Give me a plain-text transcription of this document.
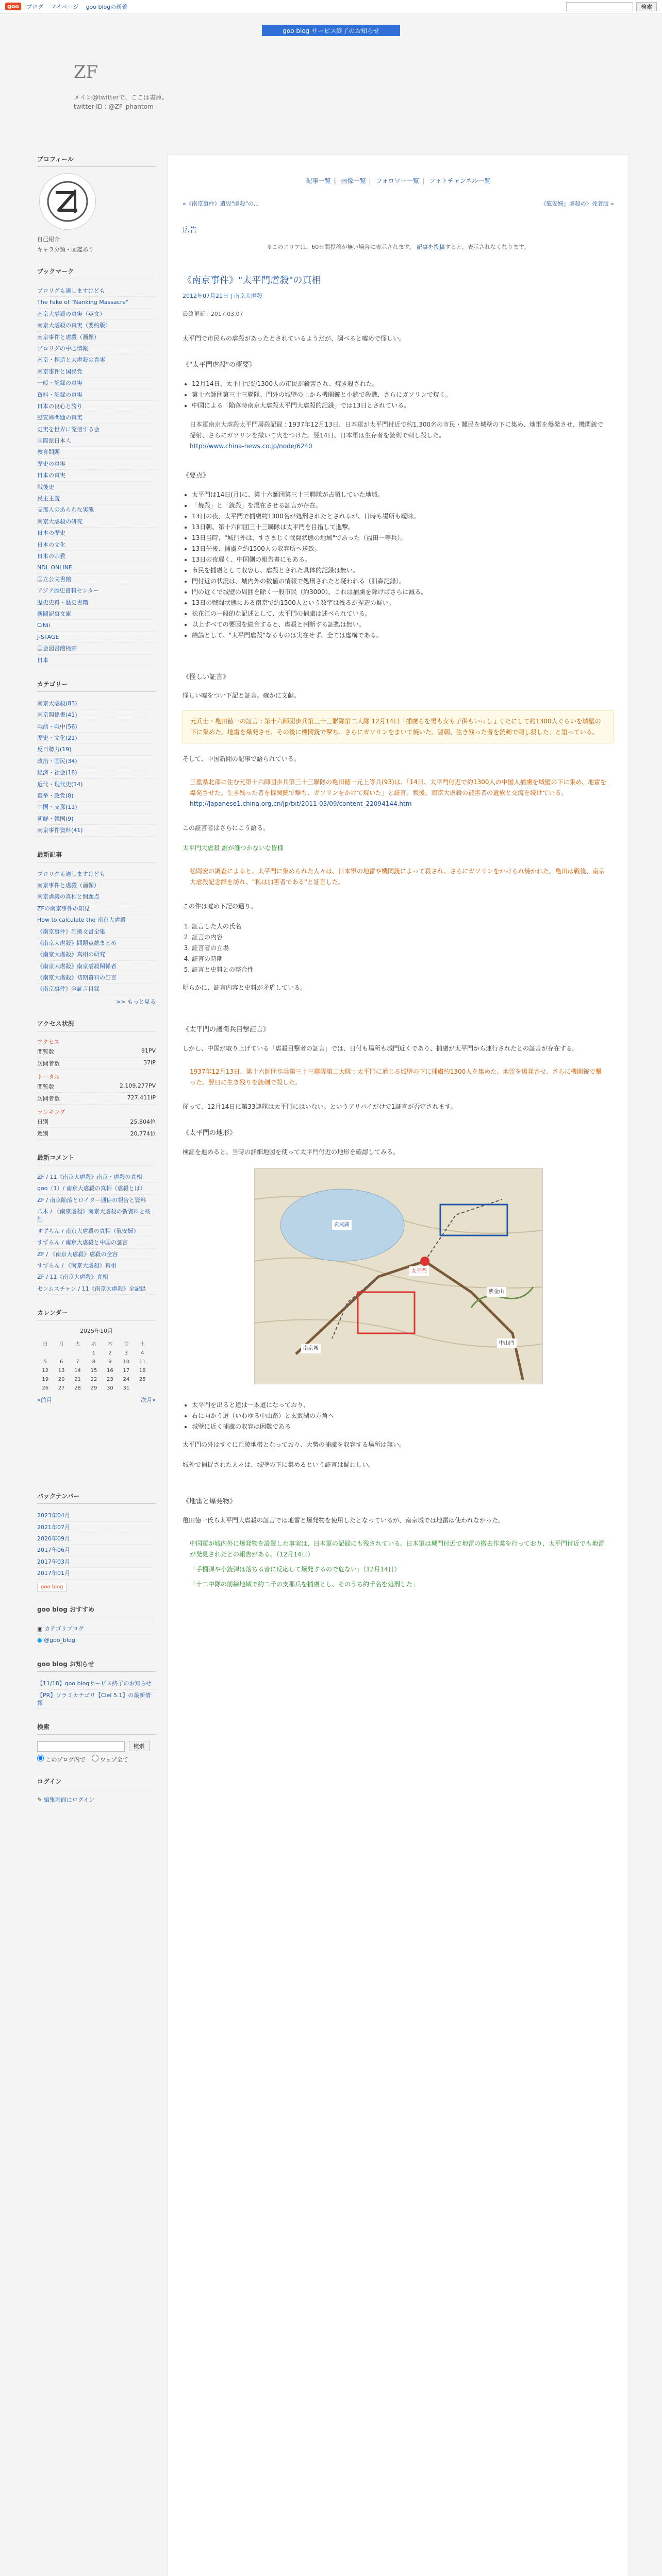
goo	ブログ マイページ goo blogの新着	検索
goo blog サービス終了のお知らせ
ZF
メイン@twitterで、ここは書庫。
twitter-ID : @ZF_phantom
プロフィール
自己紹介
キャラ分類・図鑑あり
ブックマーク
ブロリグも適しますけども
The Fake of "Nanking Massacre"
南京大虐殺の真実（英文）
南京大虐殺の真実（要約版）
南京事件と虐殺（画像）
ブロリグの中心情報
南京・捏造と大虐殺の真実
南京事件と国民党
一般・記録の真実
資料・記録の真実
日本の良心と誇り
慰安婦問題の真実
史実を世界に発信する会
国際派日本人
教育問題
歴史の真実
日本の真実
戦後史
民主主義
支那人のあらわな実態
南京大虐殺の研究
日本の歴史
日本の文化
日本の宗教
NDL ONLINE
国立公文書館
アジア歴史資料センター
歴史史料・歴史書籍
新聞記事文庫
CiNii
J-STAGE
国会図書館検索
日本
カテゴリー
南京大虐殺(83)
南京関係書(41)
戦前・戦中(56)
歴史・文化(21)
反日勢力(19)
政治・国民(34)
経済・社会(18)
近代・現代史(14)
選挙・政党(8)
中国・支那(11)
朝鮮・韓国(9)
南京事件資料(41)
最新記事
ブロリグも適しますけども
南京事件と虐殺（画像）
南京虐殺の真相と問題点
ZFの南京事件の知見
How to calculate the 南京大虐殺
《南京事件》証拠文書全集
《南京大虐殺》問題点総まとめ
《南京大虐殺》真相の研究
《南京大虐殺》南京虐殺関係者
《南京大虐殺》初期資料の証言
《南京事件》全証言目録
>> もっと見る
アクセス状況
アクセス
閲覧数	91PV
訪問者数	37IP
トータル
閲覧数	2,109,277PV
訪問者数	727,411IP
ランキング
日別	25,804位
週別	20,774位
最新コメント
ZF / 11《南京大虐殺》南京・虐殺の真相
goo（1）/ 南京大虐殺の真相（虐殺とは）
ZF / 南京陥落とロイター通信の報告と資料
八木 / 《南京虐殺》南京大虐殺の新資料と検証
すずらん / 南京大虐殺の真相（慰安婦）
すずらん / 南京大虐殺と中国の証言
ZF / 《南京大虐殺》虐殺の全容
すずらん / 《南京大虐殺》真相
ZF / 11《南京大虐殺》真相
センムスチャン / 11《南京大虐殺》全記録
カレンダー
2025年10月
日	月	火	水	木	金	土
			1	2	3	4
5	6	7	8	9	10	11
12	13	14	15	16	17	18
19	20	21	22	23	24	25
26	27	28	29	30	31	
«前月	次月»
バックナンバー
2023年04月
2021年07月
2020年09月
2017年06月
2017年03月
2017年01月
goo blog
goo blog おすすめ
▣ カテゴリブログ
● @goo_blog
goo blog お知らせ
【11/18】goo blogサービス終了のお知らせ
【PR】ソラミカテゴリ【Ciel 5.1】の最新情報
検索
検索
このブログ内で	ウェブ全て
ログイン
✎ 編集画面にログイン
記事一覧 | 画像一覧 | フォロワー一覧 | フォトチャンネル一覧
«《南京事件》遺児"虐殺"の...	《慰安婦』虐殺の〉死者版 »
広告
※このエリアは、60日間投稿が無い場合に表示されます。 記事を投稿すると、表示されなくなります。
《南京事件》"太平門虐殺"の真相
2012年07月21日 | 南京大虐殺
最終更新 : 2017.03.07
太平門で市民らの虐殺があったとされているようだが、調べると嘘めで怪しい。
《"太平門虐殺"の概要》
• 12月14日、太平門で約1300人の市民が殺害され、焼き殺された。
• 第十六師団第三十三聯隊、門外の城壁の上から機関銃と小銃で殺戮、さらにガソリンで焼く。
• 中国による「陥落時南京大虐殺太平門大虐殺的記録」では13日とされている。
日本軍南京大虐殺太平門屠殺記録 : 1937年12月13日、日本軍が太平門付近で約1,300名の市民・難民を城壁の下に集め、地雷を爆発させ、機関銃で掃射、さらにガソリンを撒いて火をつけた。翌14日、日本軍は生存者を銃剣で刺し殺した。
http://www.china-news.co.jp/node/6240
《要点》
• 太平門は14日(月)に、第十六師団第三十三聯隊が占領していた地域。
• 「焼殺」と「銃殺」を混在させる証言が存在。
• 13日の夜、太平門で捕虜約1300名が処刑されたとされるが、日時も場所も曖昧。
• 13日朝、第十六師団三十三聯隊は太平門を目指して進撃。
• 13日当時、"城門外は、すさまじく戦闘状態の地域"であった（福田一等兵）。
• 13日午後、捕虜を約1500人の収容所へ送致。
• 13日の夜遅く、中国側の報告書にもある。
• 市民を捕虜として収容し、虐殺とされた具体的記録は無い。
• 門付近の状況は、城内外の数値の情報で処刑されたと疑われる（旧森記録）。
• 門の近くで城壁の周囲を除く一般市民（約3000）、これは捕虜を除けばさらに減る。
• 13日の戦闘状態にある南京で約1500人という数字は残るが捏造の疑い。
• 松花江の一般的な記述として、太平門の捕虜は述べられている。
• 以上すべての要因を総合すると、虐殺と判断する証拠は無い。
• 結論として、"太平門虐殺"なるものは実在せず、全ては虚構である。
《怪しい証言》
怪しい嘘をつい下記と証言。確かに文献。
元兵士・亀田徳一の証言 : 第十六師団歩兵第三十三聯隊第二大隊 12月14日「捕虜らを男も女も子供もいっしょくたにして約1300人ぐらいを城壁の下に集めた。地雷を爆発させ、その後に機関銃で撃ち、さらにガソリンをまいて焼いた。翌朝、生き残った者を銃剣で刺し殺した」と語っている。
そして、中国新聞の記事で語られている。
三重県北部に住む元第十六師団歩兵第三十三聯隊の亀田徳一元上等兵(93)は、「14日、太平門付近で約1300人の中国人捕虜を城壁の下に集め、地雷を爆発させた。生き残った者を機関銃で撃ち、ガソリンをかけて焼いた」と証言。戦後、南京大虐殺の被害者の遺族と交流を続けている。
http://japanese1.china.org.cn/jp/txt/2011-03/09/content_22094144.htm
この証言者はさらにこう語る。
太平門大虐殺 誰が誰つかないな皆様
松岡宏の調査によると、太平門に集められた人々は、日本軍の地雷や機関銃によって殺され、さらにガソリンをかけられ焼かれた。亀田は戦後、南京大虐殺記念館を訪れ、"私は加害者である"と証言した。
この件は嘘め下記の通り。
1. 証言した人の氏名
2. 証言の内容
3. 証言者の立場
4. 証言の時期
5. 証言と史料との整合性
明らかに、証言内容と史料が矛盾している。
《太平門の護衛兵目撃証言》
しかし、中国が取り上げている「虐殺目撃者の証言」では、日付も場所も城門近くであり、捕虜が太平門から連行されたとの証言が存在する。
1937年12月13日、第十六師団歩兵第三十三聯隊第二大隊 : 太平門に通じる城壁の下に捕虜約1300人を集めた。地雷を爆発させ、さらに機関銃で撃った。翌日に生き残りを銃剣で殺した。
従って、12月14日に第33連隊は太平門にはいない。というアリバイだけで1証言が否定されます。
《太平門の地形》
検証を進めると、当時の詳細地図を使って太平門付近の地形を確認してみる。
太平門
玄武湖
紫金山
中山門
南京城
• 太平門を出ると道は一本道になっており、
• 右に向かう道（いわゆる中山路）と玄武湖の方角へ
• 城壁に近く捕虜の収容は困難である
太平門の外はすぐに丘陵地帯となっており、大勢の捕虜を収容する場所は無い。
城外で捕捉された人々は、城壁の下に集めるという証言は疑わしい。
《地雷と爆発物》
亀田徳一氏ら太平門大虐殺の証言では地雷と爆発物を使用したとなっているが、南京城では地雷は使われなかった。
中国軍が城内外に爆発物を設置した事実は、日本軍の記録にも残されている。日本軍は城門付近で地雷の撤去作業を行っており、太平門付近でも地雷が発見されたとの報告がある。（12月14日）
「手榴弾や小銃弾は落ちる音に反応して爆発するので危ない」（12月14日）
「十二中隊の前線地域で約二千の支那兵を捕虜とし、そのうち約千名を処刑した」
